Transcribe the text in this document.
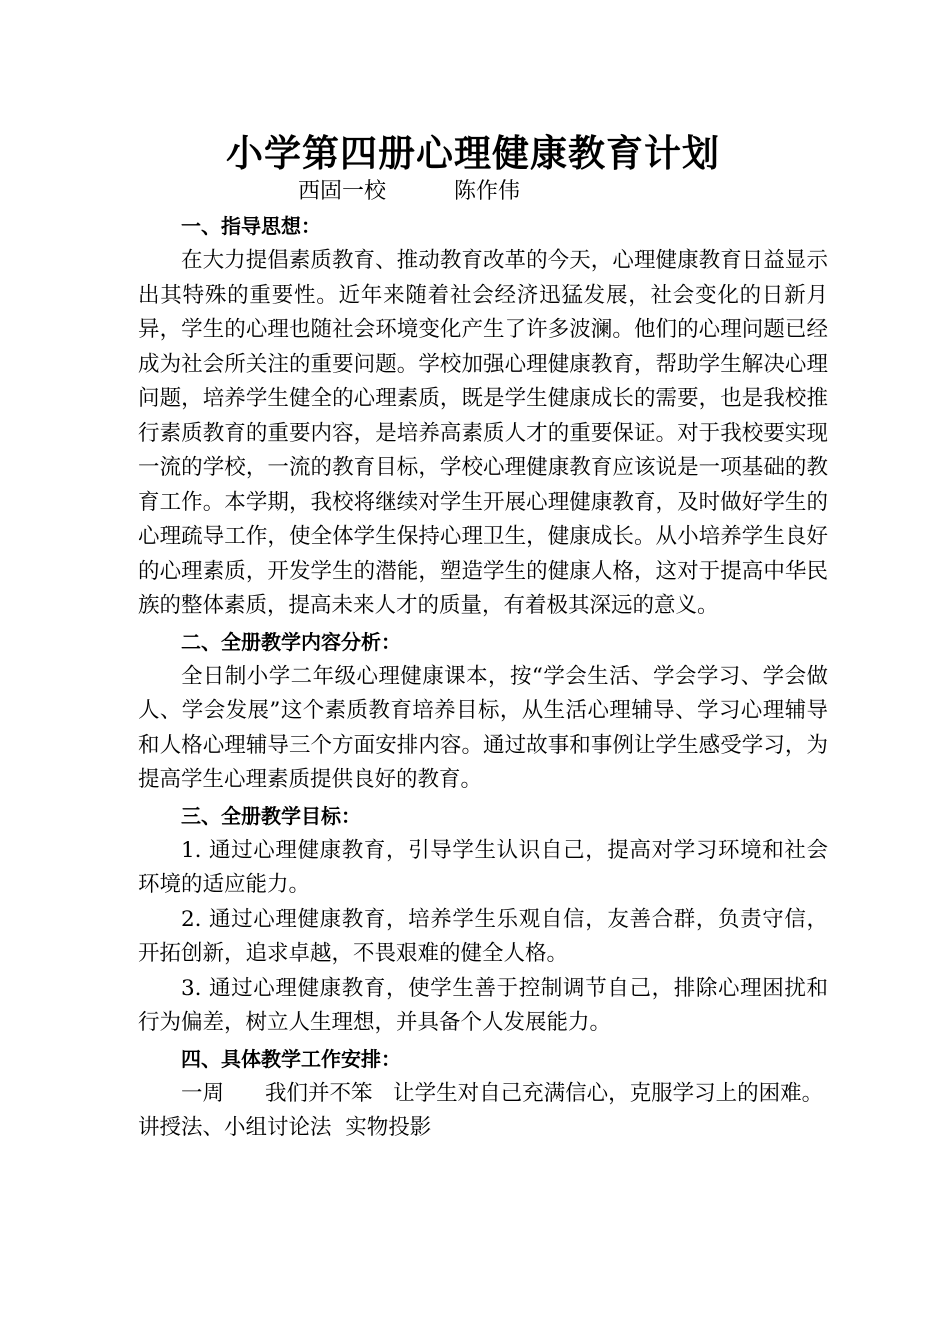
小学第四册心理健康教育计划
西固一校	陈作伟

一、指导思想：

在大力提倡素质教育、推动教育改革的今天，心理健康教育日益显示出其特殊的重要性。近年来随着社会经济迅猛发展，社会变化的日新月异，学生的心理也随社会环境变化产生了许多波澜。他们的心理问题已经成为社会所关注的重要问题。学校加强心理健康教育，帮助学生解决心理问题，培养学生健全的心理素质，既是学生健康成长的需要，也是我校推行素质教育的重要内容，是培养高素质人才的重要保证。对于我校要实现一流的学校，一流的教育目标，学校心理健康教育应该说是一项基础的教育工作。本学期，我校将继续对学生开展心理健康教育，及时做好学生的心理疏导工作，使全体学生保持心理卫生，健康成长。从小培养学生良好的心理素质，开发学生的潜能，塑造学生的健康人格，这对于提高中华民族的整体素质，提高未来人才的质量，有着极其深远的意义。

二、全册教学内容分析：

全日制小学二年级心理健康课本，按“学会生活、学会学习、学会做人、学会发展”这个素质教育培养目标，从生活心理辅导、学习心理辅导和人格心理辅导三个方面安排内容。通过故事和事例让学生感受学习，为提高学生心理素质提供良好的教育。

三、全册教学目标：

1. 通过心理健康教育，引导学生认识自己，提高对学习环境和社会环境的适应能力。

2. 通过心理健康教育，培养学生乐观自信，友善合群，负责守信，开拓创新，追求卓越，不畏艰难的健全人格。

3. 通过心理健康教育，使学生善于控制调节自己，排除心理困扰和行为偏差，树立人生理想，并具备个人发展能力。

四、具体教学工作安排：

一周 我们并不笨 让学生对自己充满信心，克服学习上的困难。讲授法、小组讨论法 实物投影
